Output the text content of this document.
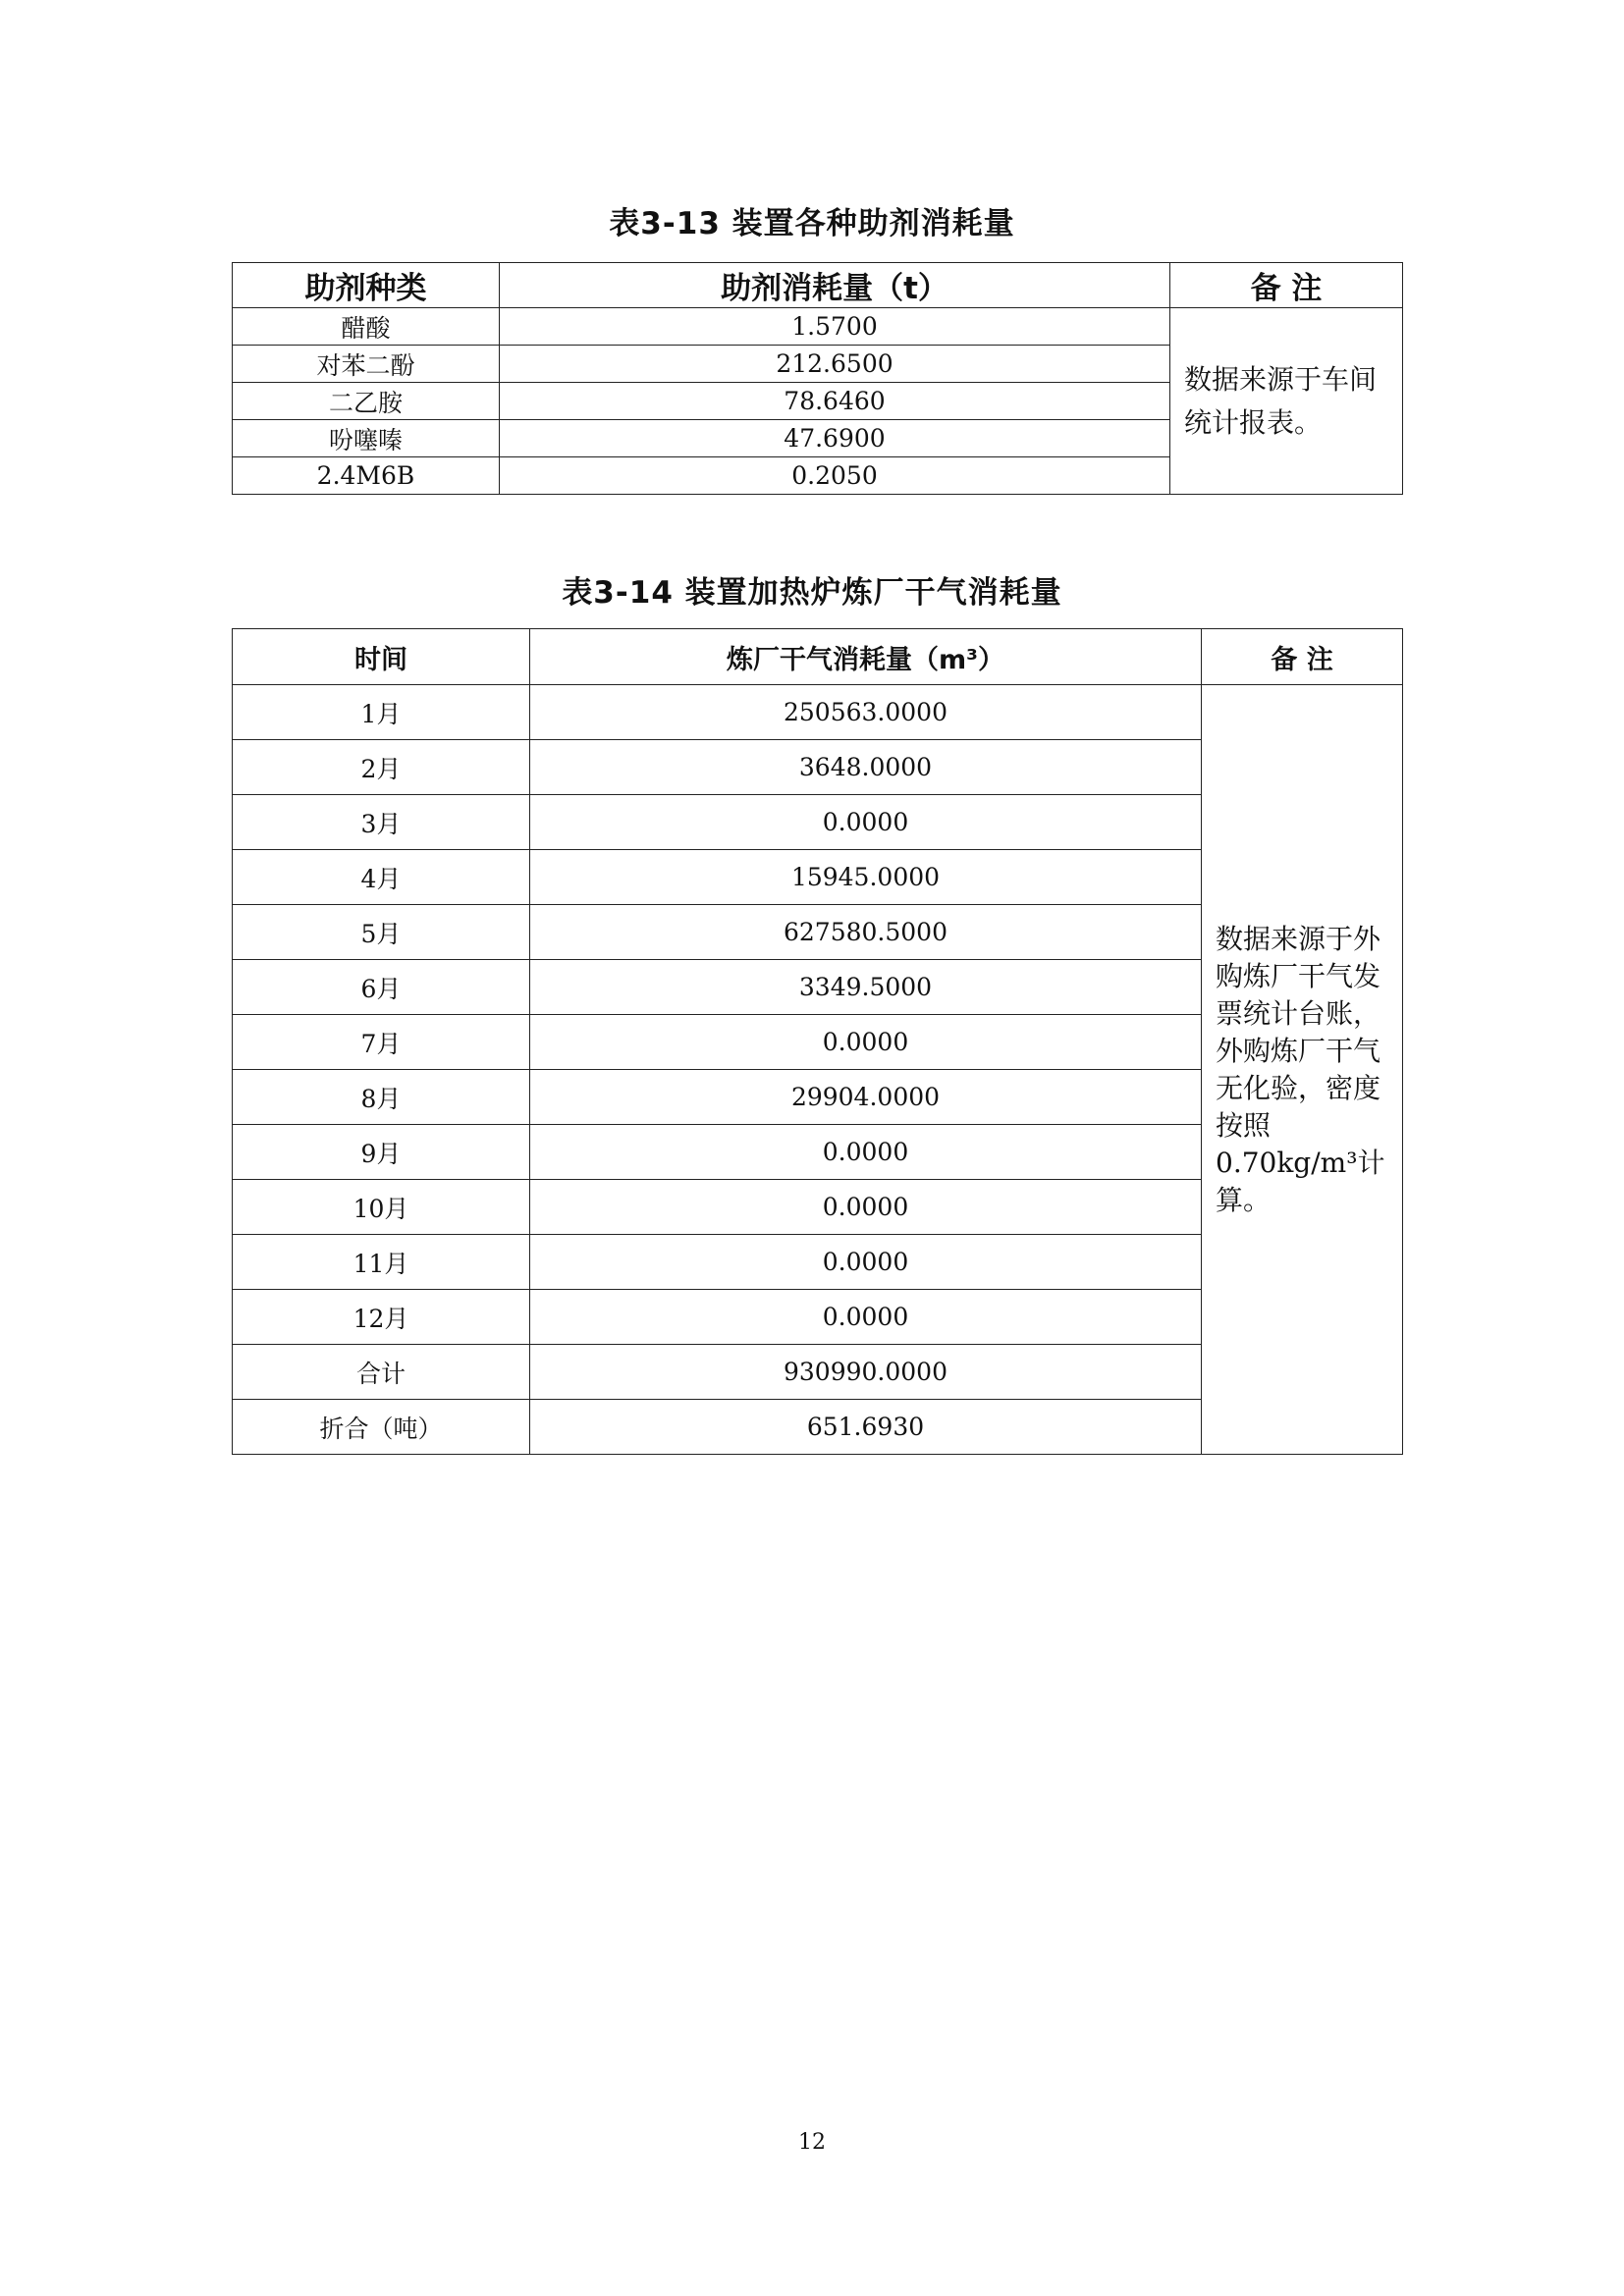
表3-13 装置各种助剂消耗量
助剂种类	助剂消耗量（t）	备 注
醋酸	1.5700	数据来源于车间统计报表。
对苯二酚	212.6500	
二乙胺	78.6460	
吩噻嗪	47.6900	
2.4M6B	0.2050	
表3-14 装置加热炉炼厂干气消耗量
时间	炼厂干气消耗量（m³）	备 注
1月	250563.0000	数据来源于外购炼厂干气发票统计台账，外购炼厂干气无化验，密度按照0.70kg/m³计算。
2月	3648.0000	
3月	0.0000	
4月	15945.0000	
5月	627580.5000	
6月	3349.5000	
7月	0.0000	
8月	29904.0000	
9月	0.0000	
10月	0.0000	
11月	0.0000	
12月	0.0000	
合计	930990.0000	
折合（吨）	651.6930	
12
